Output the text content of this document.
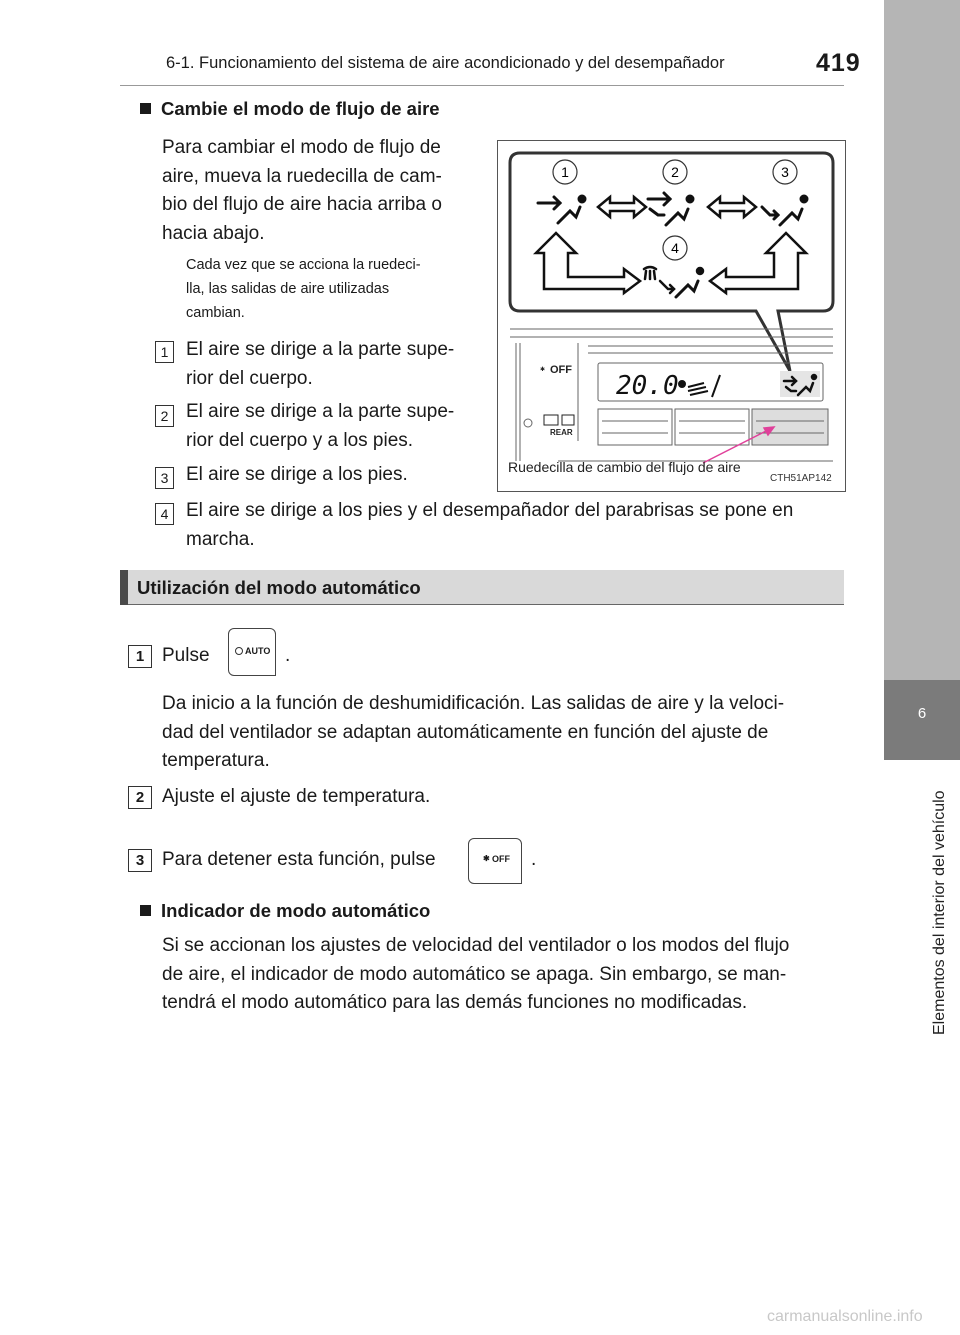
6-1. Funcionamiento del sistema de aire acondicionado y del desempañador	419
6
Elementos del interior del vehículo
Cambie el modo de flujo de aire
Para cambiar el modo de flujo de
aire, mueva la ruedecilla de cam-
bio del flujo de aire hacia arriba o
hacia abajo.
Cada vez que se acciona la ruedeci-
lla, las salidas de aire utilizadas
cambian.
1 El aire se dirige a la parte supe-
rior del cuerpo.
2 El aire se dirige a la parte supe-
rior del cuerpo y a los pies.
3 El aire se dirige a los pies.
4 El aire se dirige a los pies y el desempañador del parabrisas se pone en
marcha.
1	2	3
4
✱ OFF
REAR
20.0
Ruedecilla de cambio del flujo de aire
CTH51AP142
Utilización del modo automático
1 Pulse	AUTO .
Da inicio a la función de deshumidificación. Las salidas de aire y la veloci-
dad del ventilador se adaptan automáticamente en función del ajuste de
temperatura.
2 Ajuste el ajuste de temperatura.
3 Para detener esta función, pulse	✱ OFF .
Indicador de modo automático
Si se accionan los ajustes de velocidad del ventilador o los modos del flujo
de aire, el indicador de modo automático se apaga. Sin embargo, se man-
tendrá el modo automático para las demás funciones no modificadas.
carmanualsonline.info
